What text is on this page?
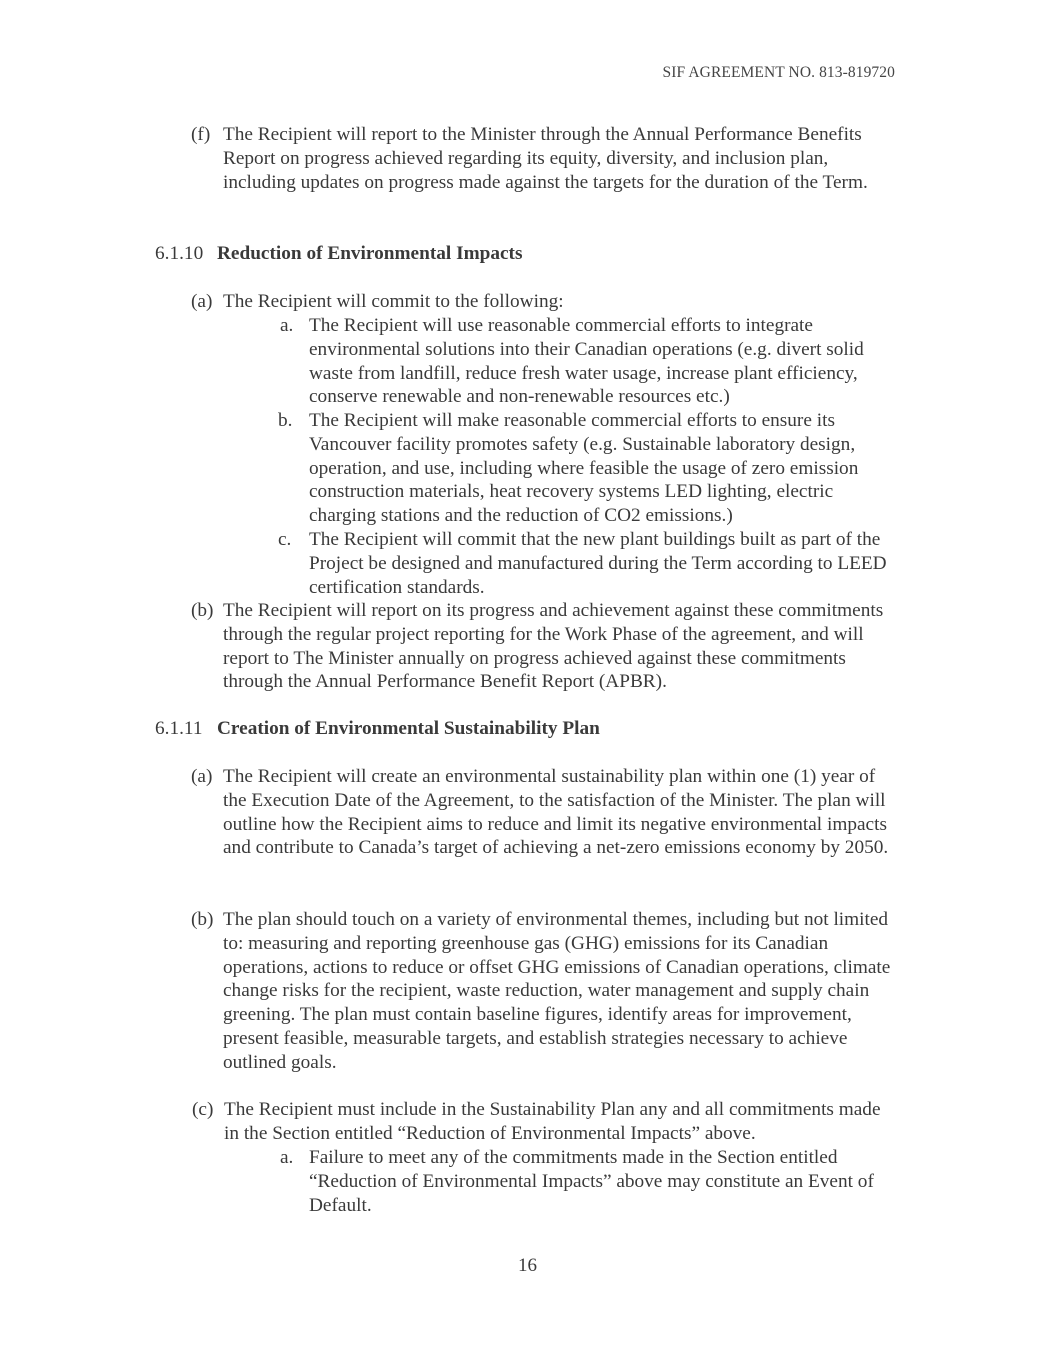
SIF AGREEMENT NO. 813-819720
(f) The Recipient will report to the Minister through the Annual Performance Benefits Report on progress achieved regarding its equity, diversity, and inclusion plan, including updates on progress made against the targets for the duration of the Term.
6.1.10 Reduction of Environmental Impacts
(a) The Recipient will commit to the following:
a. The Recipient will use reasonable commercial efforts to integrate environmental solutions into their Canadian operations (e.g. divert solid waste from landfill, reduce fresh water usage, increase plant efficiency, conserve renewable and non-renewable resources etc.)
b. The Recipient will make reasonable commercial efforts to ensure its Vancouver facility promotes safety (e.g. Sustainable laboratory design, operation, and use, including where feasible the usage of zero emission construction materials, heat recovery systems LED lighting, electric charging stations and the reduction of CO2 emissions.)
c. The Recipient will commit that the new plant buildings built as part of the Project be designed and manufactured during the Term according to LEED certification standards.
(b) The Recipient will report on its progress and achievement against these commitments through the regular project reporting for the Work Phase of the agreement, and will report to The Minister annually on progress achieved against these commitments through the Annual Performance Benefit Report (APBR).
6.1.11 Creation of Environmental Sustainability Plan
(a) The Recipient will create an environmental sustainability plan within one (1) year of the Execution Date of the Agreement, to the satisfaction of the Minister. The plan will outline how the Recipient aims to reduce and limit its negative environmental impacts and contribute to Canada’s target of achieving a net-zero emissions economy by 2050.
(b) The plan should touch on a variety of environmental themes, including but not limited to: measuring and reporting greenhouse gas (GHG) emissions for its Canadian operations, actions to reduce or offset GHG emissions of Canadian operations, climate change risks for the recipient, waste reduction, water management and supply chain greening. The plan must contain baseline figures, identify areas for improvement, present feasible, measurable targets, and establish strategies necessary to achieve outlined goals.
(c) The Recipient must include in the Sustainability Plan any and all commitments made in the Section entitled “Reduction of Environmental Impacts” above.
a. Failure to meet any of the commitments made in the Section entitled “Reduction of Environmental Impacts” above may constitute an Event of Default.
16
